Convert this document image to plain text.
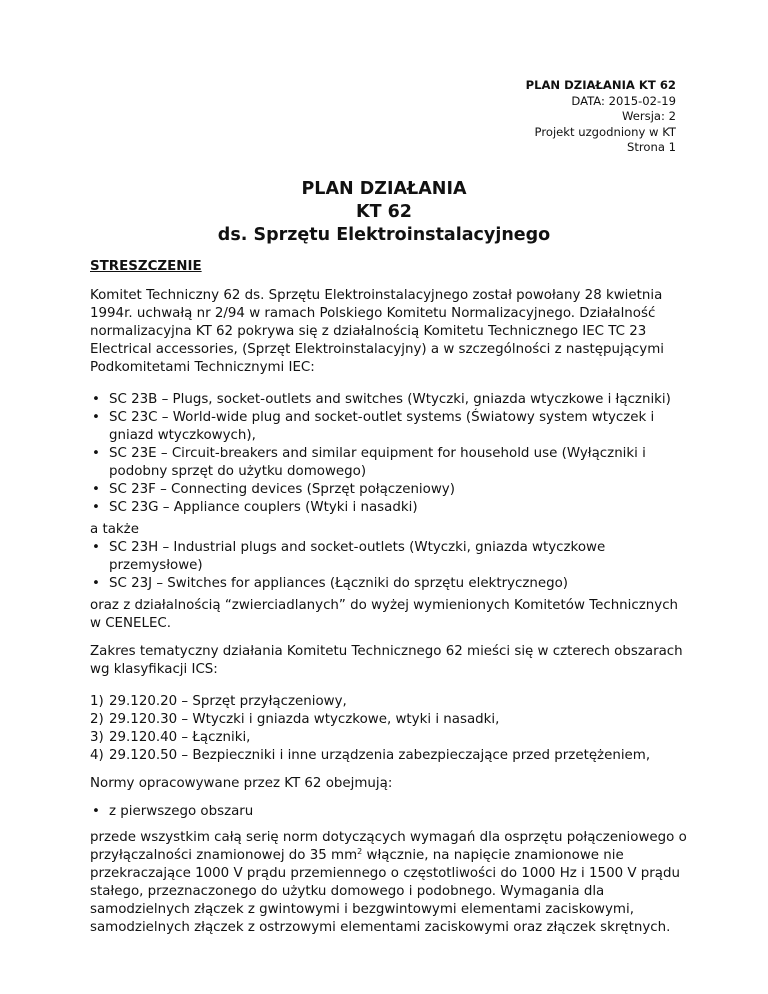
PLAN DZIAŁANIA KT 62
DATA: 2015-02-19
Wersja: 2
Projekt uzgodniony w KT
Strona 1
PLAN DZIAŁANIA
KT 62
ds. Sprzętu Elektroinstalacyjnego
STRESZCZENIE

Komitet Techniczny 62 ds. Sprzętu Elektroinstalacyjnego został powołany 28 kwietnia 1994r. uchwałą nr 2/94 w ramach Polskiego Komitetu Normalizacyjnego. Działalność normalizacyjna KT 62 pokrywa się z działalnością Komitetu Technicznego IEC TC 23 Electrical accessories, (Sprzęt Elektroinstalacyjny) a w szczególności z następującymi Podkomitetami Technicznymi IEC:

• SC 23B – Plugs, socket-outlets and switches (Wtyczki, gniazda wtyczkowe i łączniki)
• SC 23C – World-wide plug and socket-outlet systems (Światowy system wtyczek i gniazd wtyczkowych),
• SC 23E – Circuit-breakers and similar equipment for household use (Wyłączniki i podobny sprzęt do użytku domowego)
• SC 23F – Connecting devices (Sprzęt połączeniowy)
• SC 23G – Appliance couplers (Wtyki i nasadki)
a także
• SC 23H – Industrial plugs and socket-outlets (Wtyczki, gniazda wtyczkowe przemysłowe)
• SC 23J – Switches for appliances (Łączniki do sprzętu elektrycznego)

oraz z działalnością “zwierciadlanych” do wyżej wymienionych Komitetów Technicznych w CENELEC.

Zakres tematyczny działania Komitetu Technicznego 62 mieści się w czterech obszarach wg klasyfikacji ICS:

1) 29.120.20 – Sprzęt przyłączeniowy,
2) 29.120.30 – Wtyczki i gniazda wtyczkowe, wtyki i nasadki,
3) 29.120.40 – Łączniki,
4) 29.120.50 – Bezpieczniki i inne urządzenia zabezpieczające przed przetężeniem,

Normy opracowywane przez KT 62 obejmują:

• z pierwszego obszaru

przede wszystkim całą serię norm dotyczących wymagań dla osprzętu połączeniowego o przyłączalności znamionowej do 35 $mm^2$ włącznie, na napięcie znamionowe nie przekraczające 1000 V prądu przemiennego o częstotliwości do 1000 Hz i 1500 V prądu stałego, przeznaczonego do użytku domowego i podobnego. Wymagania dla samodzielnych złączek z gwintowymi i bezgwintowymi elementami zaciskowymi, samodzielnych złączek z ostrzowymi elementami zaciskowymi oraz złączek skrętnych.
